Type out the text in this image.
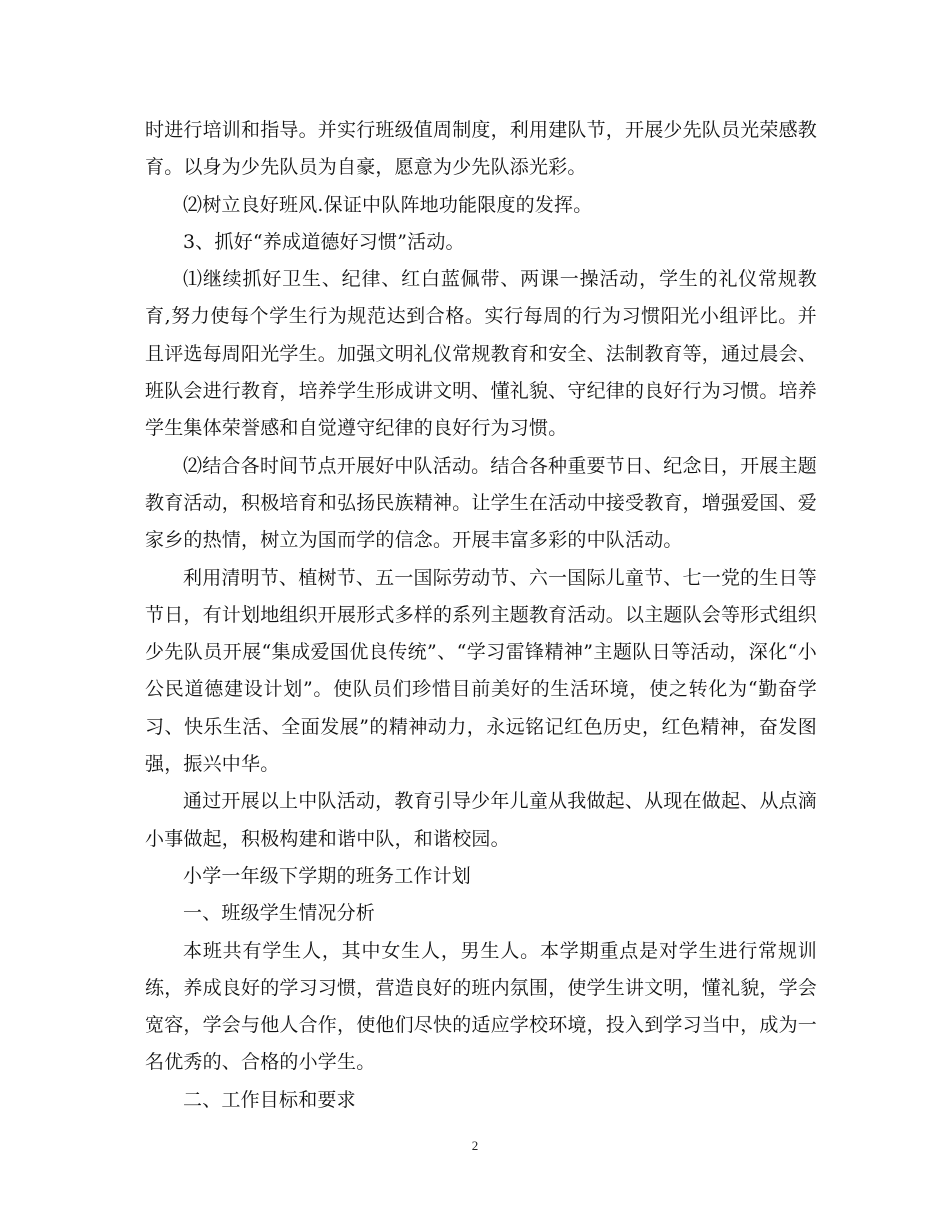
时进行培训和指导。并实行班级值周制度，利用建队节，开展少先队员光荣感教育。以身为少先队员为自豪，愿意为少先队添光彩。

⑵树立良好班风.保证中队阵地功能限度的发挥。

3、抓好“养成道德好习惯”活动。

⑴继续抓好卫生、纪律、红白蓝佩带、两课一操活动，学生的礼仪常规教育,努力使每个学生行为规范达到合格。实行每周的行为习惯阳光小组评比。并且评选每周阳光学生。加强文明礼仪常规教育和安全、法制教育等，通过晨会、班队会进行教育，培养学生形成讲文明、懂礼貌、守纪律的良好行为习惯。培养学生集体荣誉感和自觉遵守纪律的良好行为习惯。

⑵结合各时间节点开展好中队活动。结合各种重要节日、纪念日，开展主题教育活动，积极培育和弘扬民族精神。让学生在活动中接受教育，增强爱国、爱家乡的热情，树立为国而学的信念。开展丰富多彩的中队活动。

利用清明节、植树节、五一国际劳动节、六一国际儿童节、七一党的生日等节日，有计划地组织开展形式多样的系列主题教育活动。以主题队会等形式组织少先队员开展“集成爱国优良传统”、“学习雷锋精神”主题队日等活动，深化“小公民道德建设计划”。使队员们珍惜目前美好的生活环境，使之转化为“勤奋学习、快乐生活、全面发展”的精神动力，永远铭记红色历史，红色精神，奋发图强，振兴中华。

通过开展以上中队活动，教育引导少年儿童从我做起、从现在做起、从点滴小事做起，积极构建和谐中队，和谐校园。

小学一年级下学期的班务工作计划

一、班级学生情况分析

本班共有学生人，其中女生人，男生人。本学期重点是对学生进行常规训练，养成良好的学习习惯，营造良好的班内氛围，使学生讲文明，懂礼貌，学会宽容，学会与他人合作，使他们尽快的适应学校环境，投入到学习当中，成为一名优秀的、合格的小学生。

二、工作目标和要求

2
